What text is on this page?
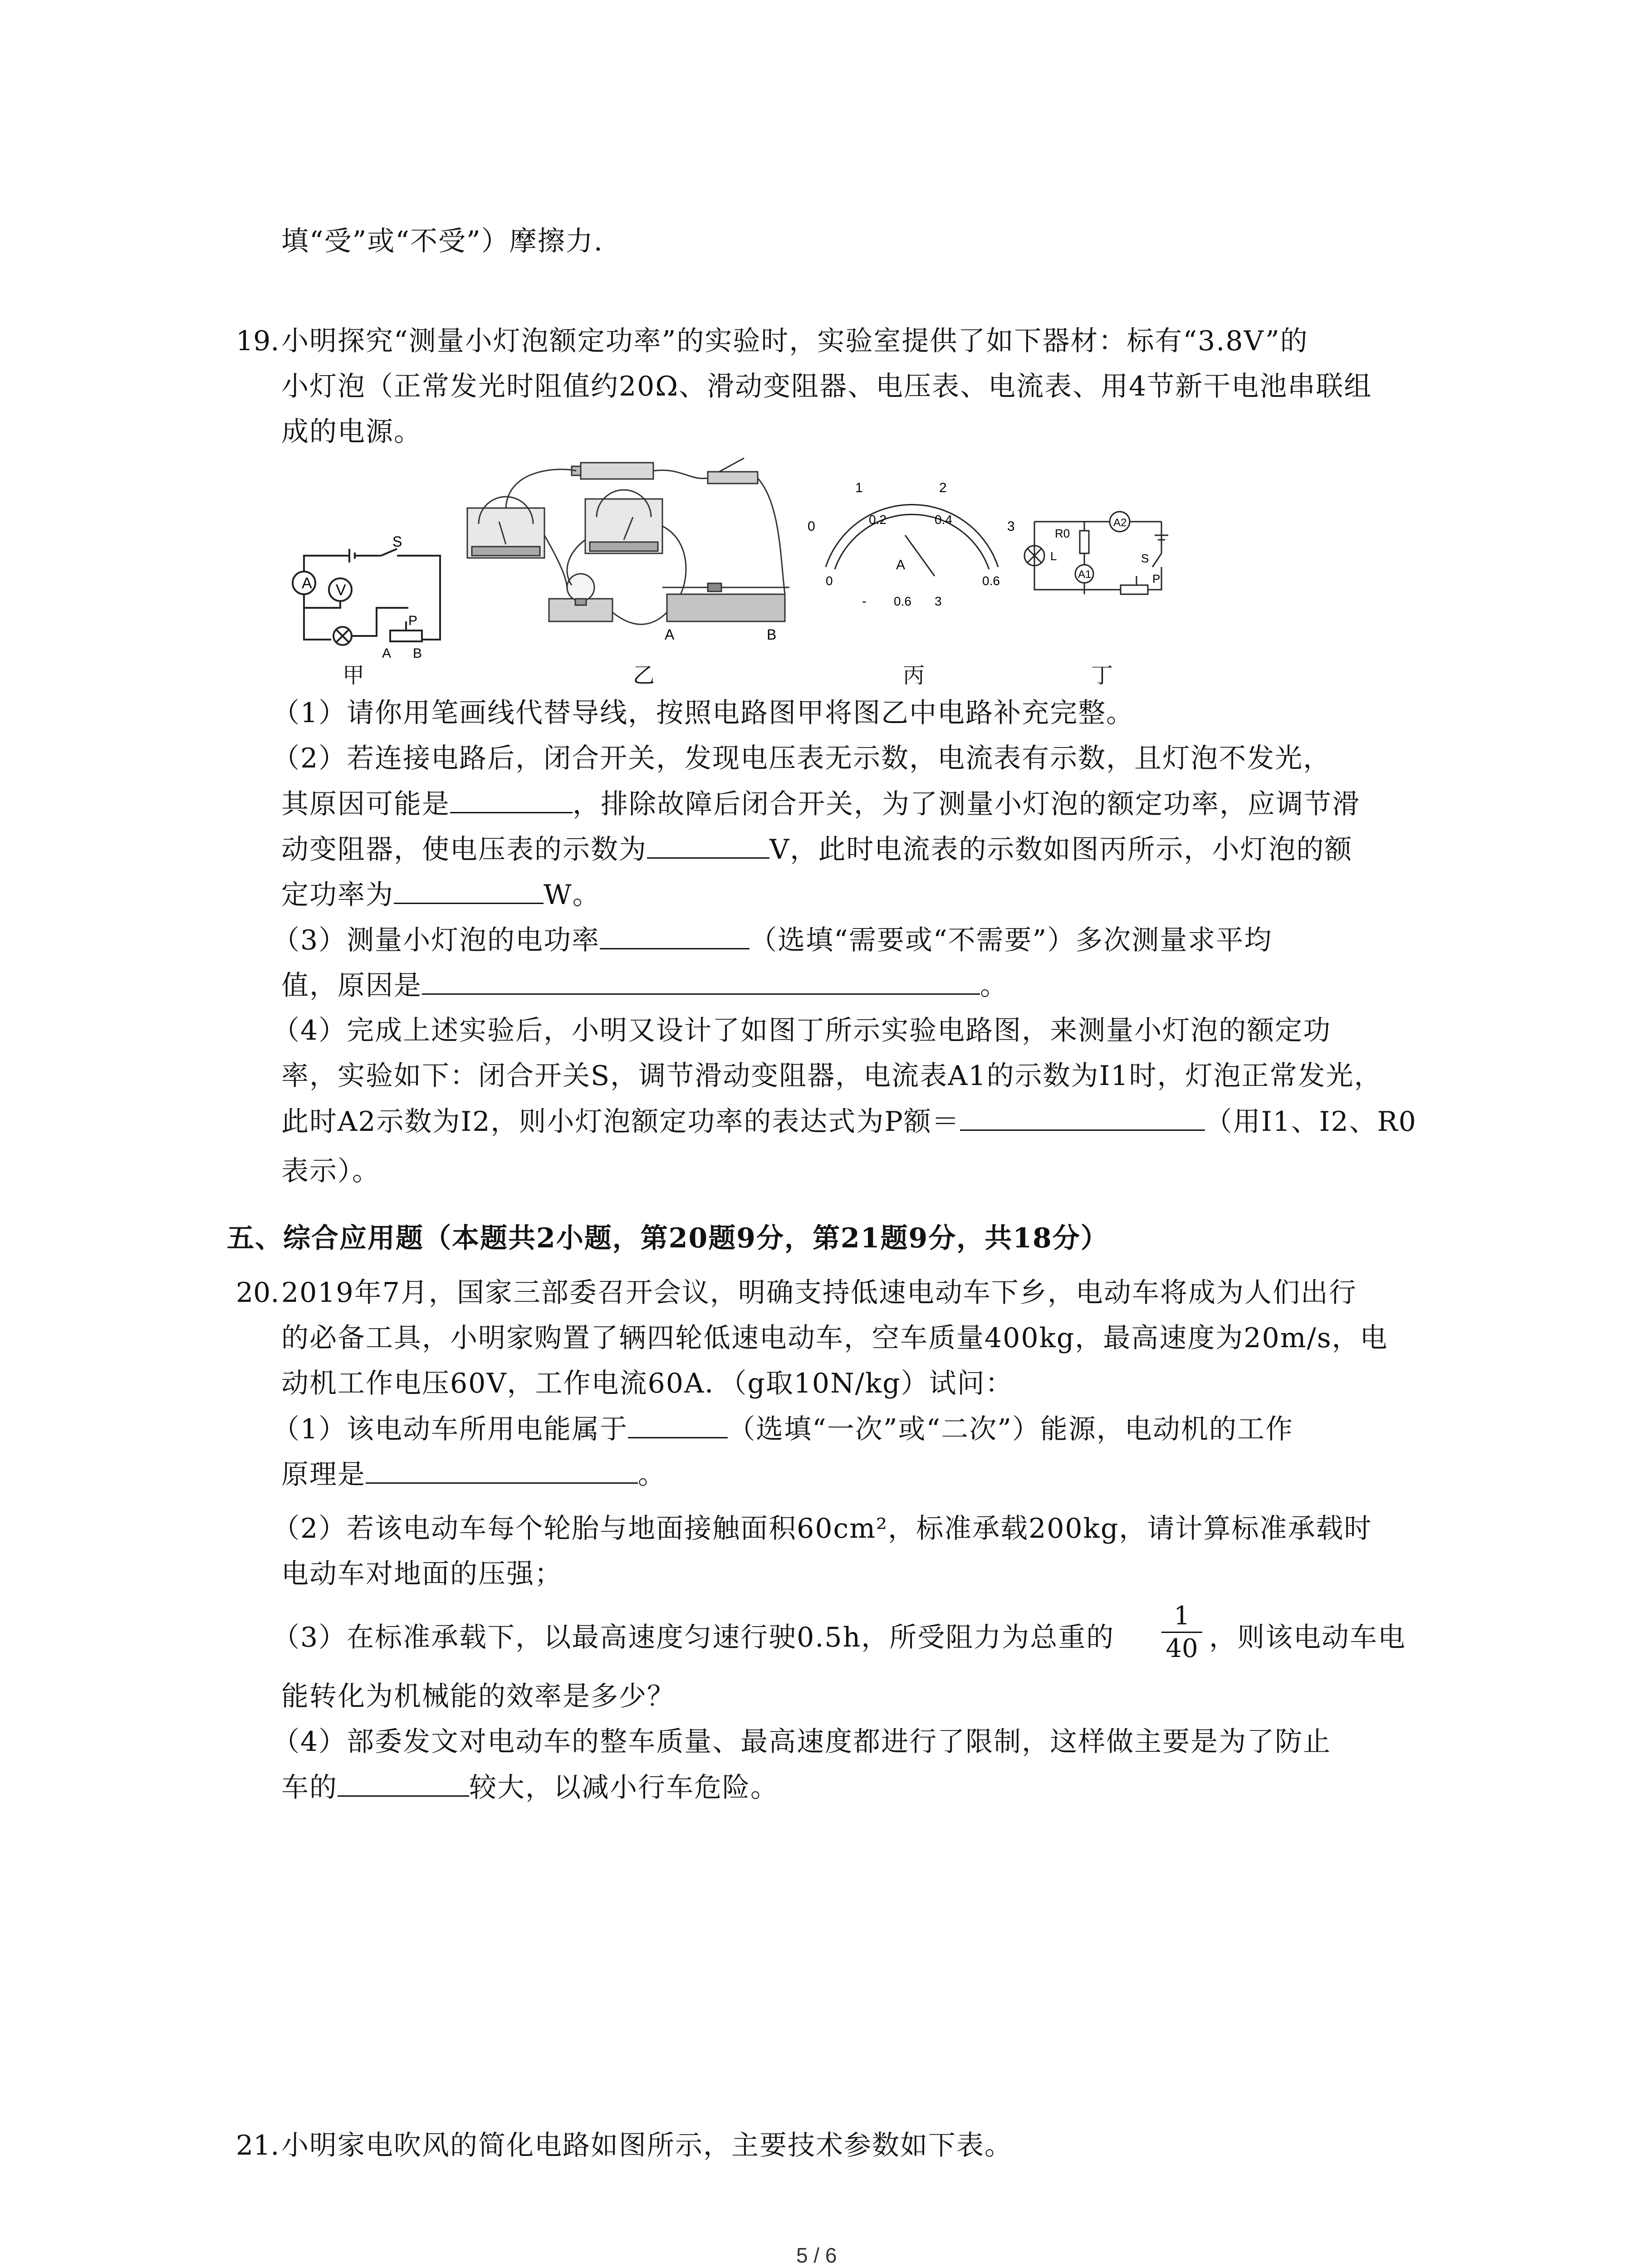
填“受”或“不受”）摩擦力.
19. 小明探究“测量小灯泡额定功率”的实验时，实验室提供了如下器材：标有“3.8V”的
小灯泡（正常发光时阻值约20Ω、滑动变阻器、电压表、电流表、用4节新干电池串联组
成的电源。
A V
S
P
A B
甲
A	B
乙
0
1	2
3
0
0.2	0.4
0.6
A
- 0.6 3
丙
R0
A2
L
A1
S
P
丁
（1）请你用笔画线代替导线，按照电路图甲将图乙中电路补充完整。
（2）若连接电路后，闭合开关，发现电压表无示数，电流表有示数，且灯泡不发光，
其原因可能是	，排除故障后闭合开关，为了测量小灯泡的额定功率，应调节滑
动变阻器，使电压表的示数为	V，此时电流表的示数如图丙所示，小灯泡的额
定功率为	W。
（3）测量小灯泡的电功率	（选填“需要或“不需要”）多次测量求平均
值，原因是	。
（4）完成上述实验后，小明又设计了如图丁所示实验电路图，来测量小灯泡的额定功
率，实验如下：闭合开关S，调节滑动变阻器，电流表A1的示数为I1时，灯泡正常发光，
此时A2示数为I2，则小灯泡额定功率的表达式为P额＝	（用I1、I2、R0
表示）。
五、综合应用题（本题共2小题，第20题9分，第21题9分，共18分）
20. 2019年7月，国家三部委召开会议，明确支持低速电动车下乡，电动车将成为人们出行
的必备工具，小明家购置了辆四轮低速电动车，空车质量400kg，最高速度为20m/s，电
动机工作电压60V，工作电流60A．（g取10N/kg）试问：
（1）该电动车所用电能属于	（选填“一次”或“二次”）能源，电动机的工作
原理是	。
（2）若该电动车每个轮胎与地面接触面积60cm²，标准承载200kg，请计算标准承载时
电动车对地面的压强；
（3）在标准承载下，以最高速度匀速行驶0.5h，所受阻力为总重的
1
40 ，则该电动车电
能转化为机械能的效率是多少？
（4）部委发文对电动车的整车质量、最高速度都进行了限制，这样做主要是为了防止
车的	较大，以减小行车危险。
21. 小明家电吹风的简化电路如图所示，主要技术参数如下表。
5 / 6
